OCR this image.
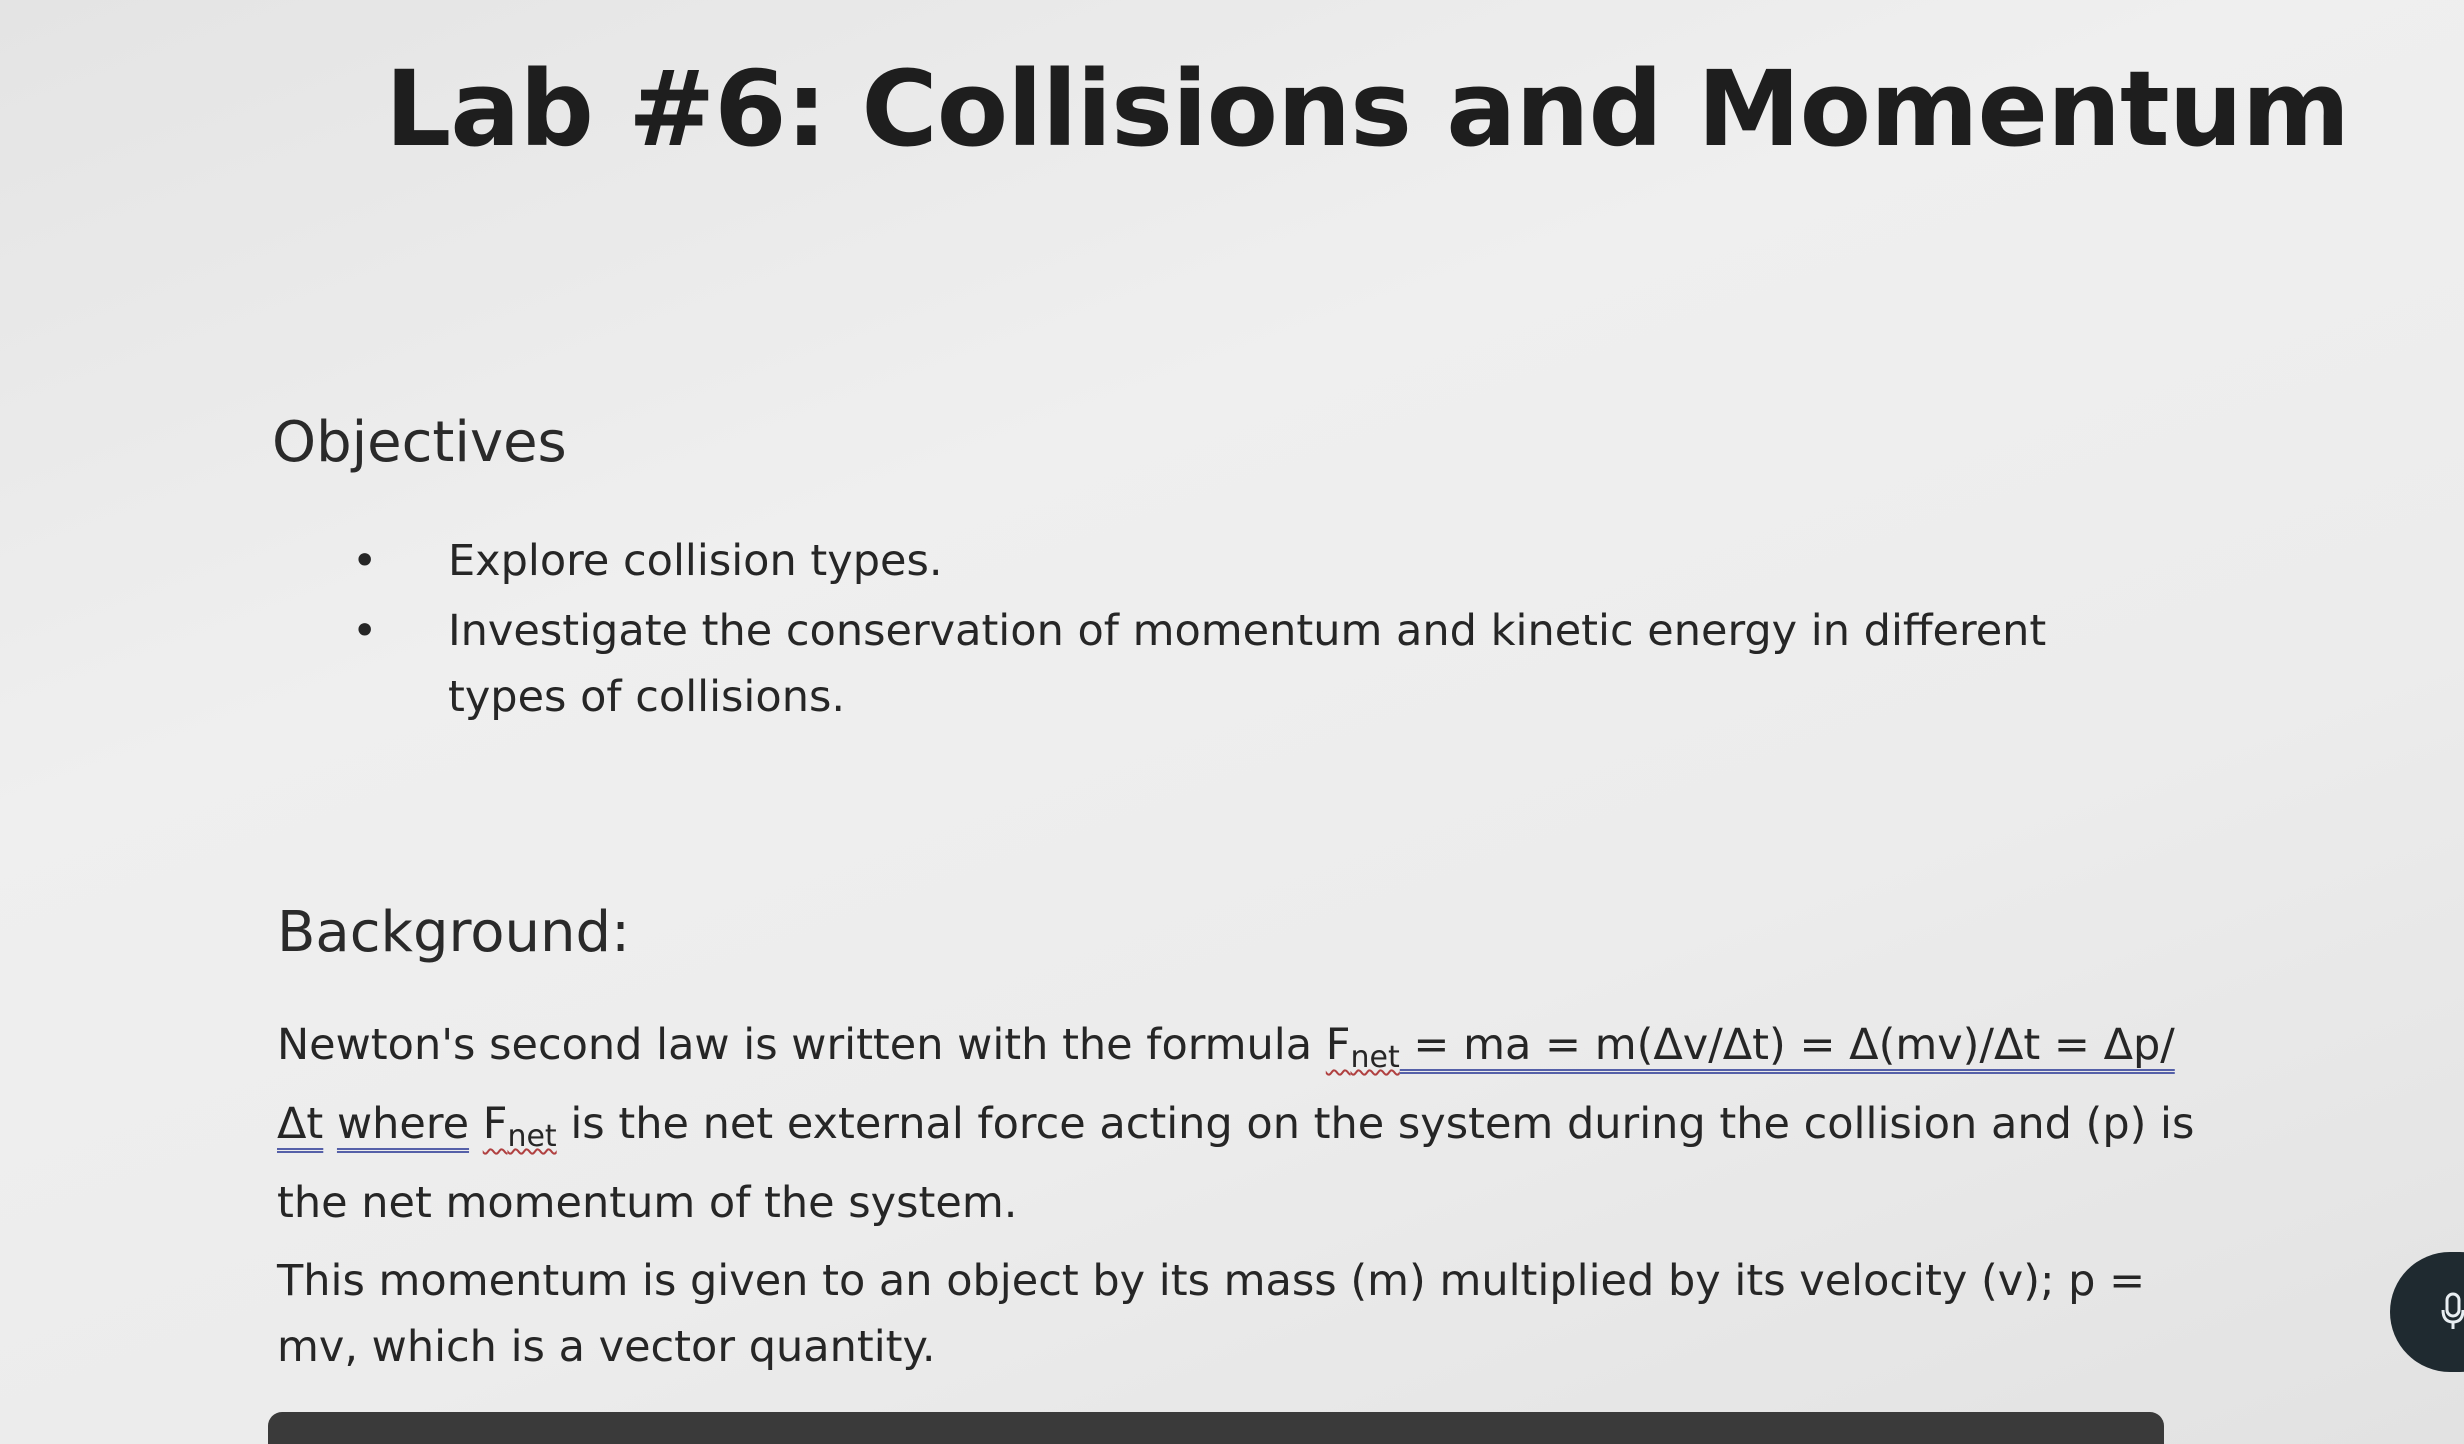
Lab #6: Collisions and Momentum
Objectives
• Explore collision types.
• Investigate the conservation of momentum and kinetic energy in different types of collisions.
Background:

Newton's second law is written with the formula $F_{net}$ = ma = m(Δv/Δt) = Δ(mv)/Δt = Δp/Δt where $F_{net}$ is the net external force acting on the system during the collision and (p) is the net momentum of the system.

This momentum is given to an object by its mass (m) multiplied by its velocity (v); p = mv, which is a vector quantity.
